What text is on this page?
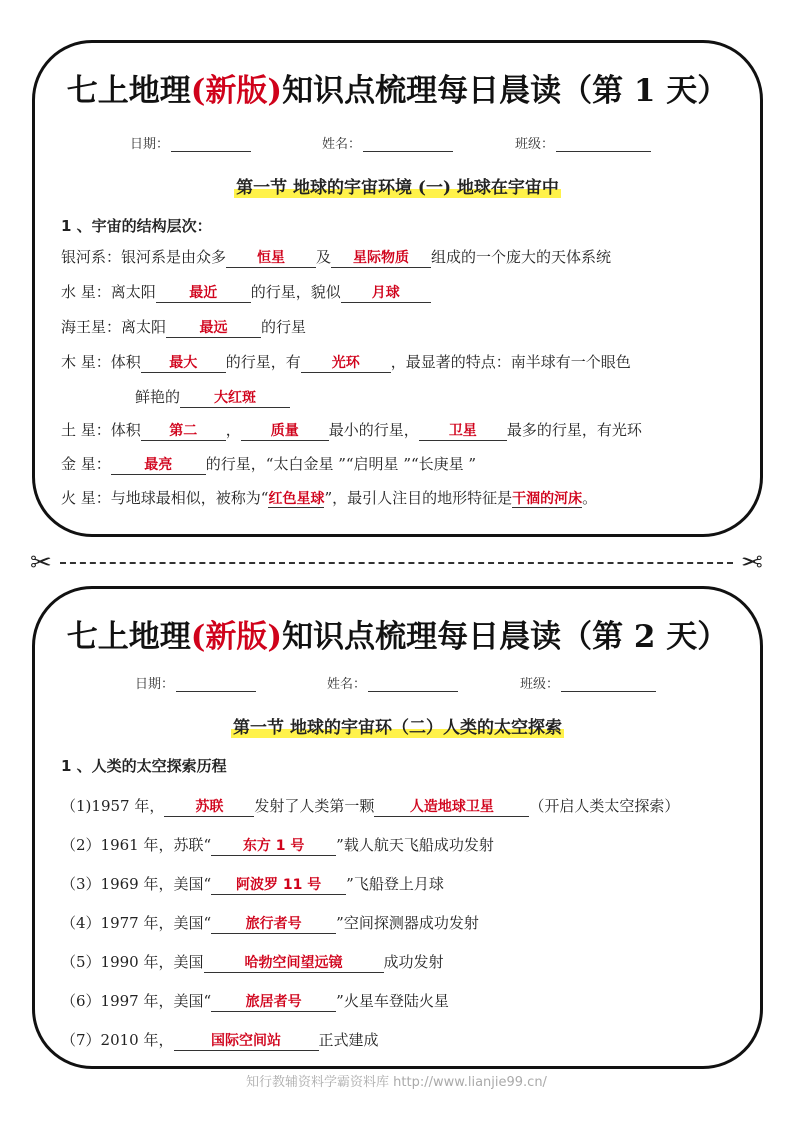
七上地理(新版)知识点梳理每日晨读（第 1 天）
日期：	姓名：	班级：
第一节 地球的宇宙环境 (一) 地球在宇宙中
1 、宇宙的结构层次：
银河系：银河系是由众多 恒星 及 星际物质 组成的一个庞大的天体系统
水 星：离太阳 最近 的行星，貌似 月球
海王星：离太阳 最远 的行星
木 星：体积 最大 的行星，有 光环 ，最显著的特点：南半球有一个眼色
鲜艳的 大红斑
土 星：体积 第二 ， 质量 最小的行星， 卫星 最多的行星，有光环
金 星： 最亮 的行星，“太白金星 ”“启明星 ”“长庚星 ”
火 星：与地球最相似，被称为“红色星球”，最引人注目的地形特征是干涸的河床。
✂	✂
七上地理(新版)知识点梳理每日晨读（第 2 天）
日期：	姓名：	班级：
第一节 地球的宇宙环（二）人类的太空探索
1 、人类的太空探索历程
（1)1957 年， 苏联 发射了人类第一颗	人造地球卫星 （开启人类太空探索）
（2）1961 年，苏联“ 东方 1 号 ”载人航天飞船成功发射
（3）1969 年，美国“ 阿波罗 11 号 ”飞船登上月球
（4）1977 年，美国“ 旅行者号 ”空间探测器成功发射
（5）1990 年，美国	哈勃空间望远镜	成功发射
（6）1997 年，美国“ 旅居者号 ”火星车登陆火星
（7）2010 年，	国际空间站	正式建成
知行教辅资料学霸资料库 http://www.lianjie99.cn/
